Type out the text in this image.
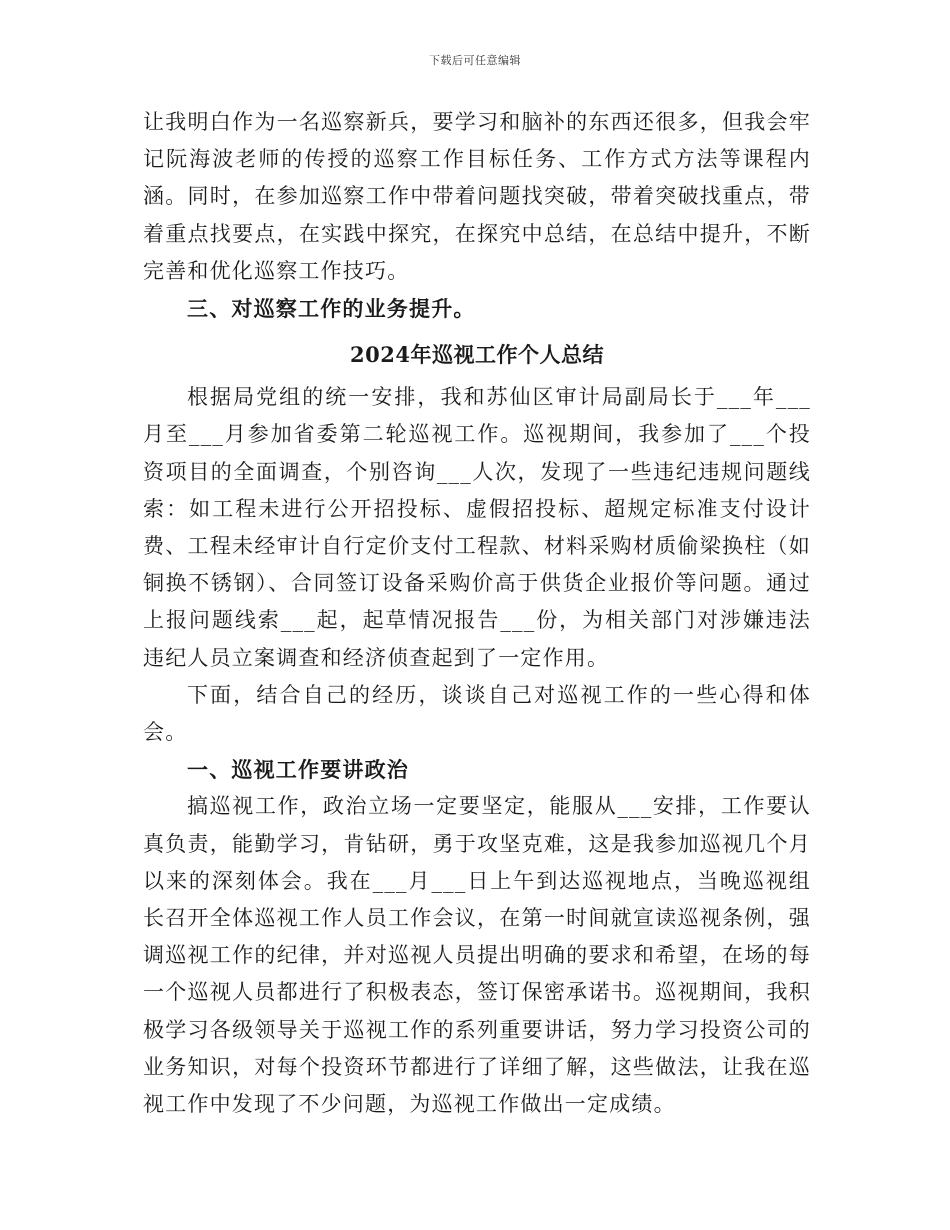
下载后可任意编辑

让我明白作为一名巡察新兵，要学习和脑补的东西还很多，但我会牢记阮海波老师的传授的巡察工作目标任务、工作方式方法等课程内涵。同时，在参加巡察工作中带着问题找突破，带着突破找重点，带着重点找要点，在实践中探究，在探究中总结，在总结中提升，不断完善和优化巡察工作技巧。

三、对巡察工作的业务提升。

2024年巡视工作个人总结

根据局党组的统一安排，我和苏仙区审计局副局长于___年___月至___月参加省委第二轮巡视工作。巡视期间，我参加了___个投资项目的全面调查，个别咨询___人次，发现了一些违纪违规问题线索：如工程未进行公开招投标、虚假招投标、超规定标准支付设计费、工程未经审计自行定价支付工程款、材料采购材质偷梁换柱（如铜换不锈钢）、合同签订设备采购价高于供货企业报价等问题。通过上报问题线索___起，起草情况报告___份，为相关部门对涉嫌违法违纪人员立案调查和经济侦查起到了一定作用。

下面，结合自己的经历，谈谈自己对巡视工作的一些心得和体会。

一、巡视工作要讲政治

搞巡视工作，政治立场一定要坚定，能服从___安排，工作要认真负责，能勤学习，肯钻研，勇于攻坚克难，这是我参加巡视几个月以来的深刻体会。我在___月___日上午到达巡视地点，当晚巡视组长召开全体巡视工作人员工作会议，在第一时间就宣读巡视条例，强调巡视工作的纪律，并对巡视人员提出明确的要求和希望，在场的每一个巡视人员都进行了积极表态，签订保密承诺书。巡视期间，我积极学习各级领导关于巡视工作的系列重要讲话，努力学习投资公司的业务知识，对每个投资环节都进行了详细了解，这些做法，让我在巡视工作中发现了不少问题，为巡视工作做出一定成绩。
